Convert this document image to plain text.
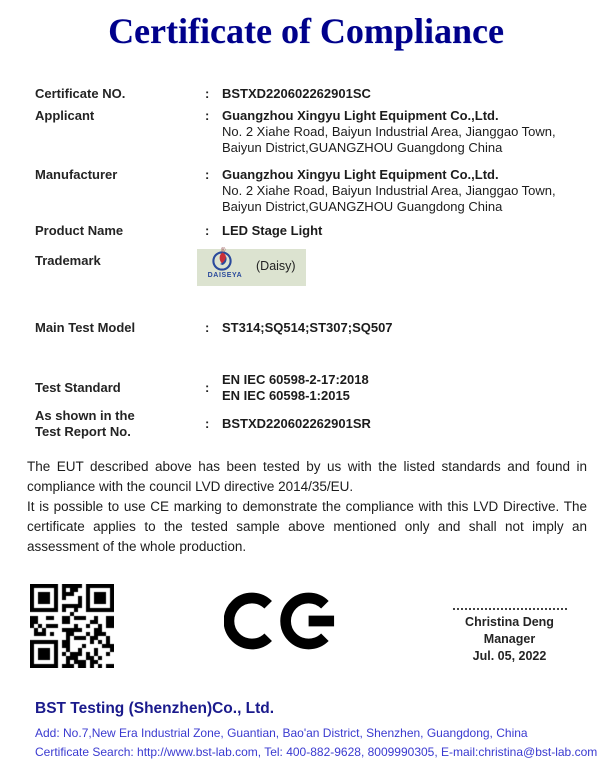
Certificate of Compliance
Certificate NO.	: BSTXD220602262901SC
Applicant	: Guangzhou Xingyu Light Equipment Co.,Ltd.
No. 2 Xiahe Road, Baiyun Industrial Area, Jianggao Town,
Baiyun District,GUANGZHOU Guangdong China
Manufacturer	: Guangzhou Xingyu Light Equipment Co.,Ltd.
No. 2 Xiahe Road, Baiyun Industrial Area, Jianggao Town,
Baiyun District,GUANGZHOU Guangdong China
Product Name	: LED Stage Light
Trademark
®
DAISEYA
(Daisy)
Main Test Model	: ST314;SQ514;ST307;SQ507
Test Standard	:
EN IEC 60598-2-17:2018
EN IEC 60598-1:2015
As shown in the
Test Report No.
: BSTXD220602262901SR

The EUT described above has been tested by us with the listed standards and found in compliance with the council LVD directive 2014/35/EU.

It is possible to use CE marking to demonstrate the compliance with this LVD Directive. The certificate applies to the tested sample above mentioned only and shall not imply an assessment of the whole production.

Christina Deng
Manager
Jul. 05, 2022
BST Testing (Shenzhen)Co., Ltd.
Add: No.7,New Era Industrial Zone, Guantian, Bao'an District, Shenzhen, Guangdong, China
Certificate Search: http://www.bst-lab.com, Tel: 400-882-9628, 8009990305, E-mail:christina@bst-lab.com
